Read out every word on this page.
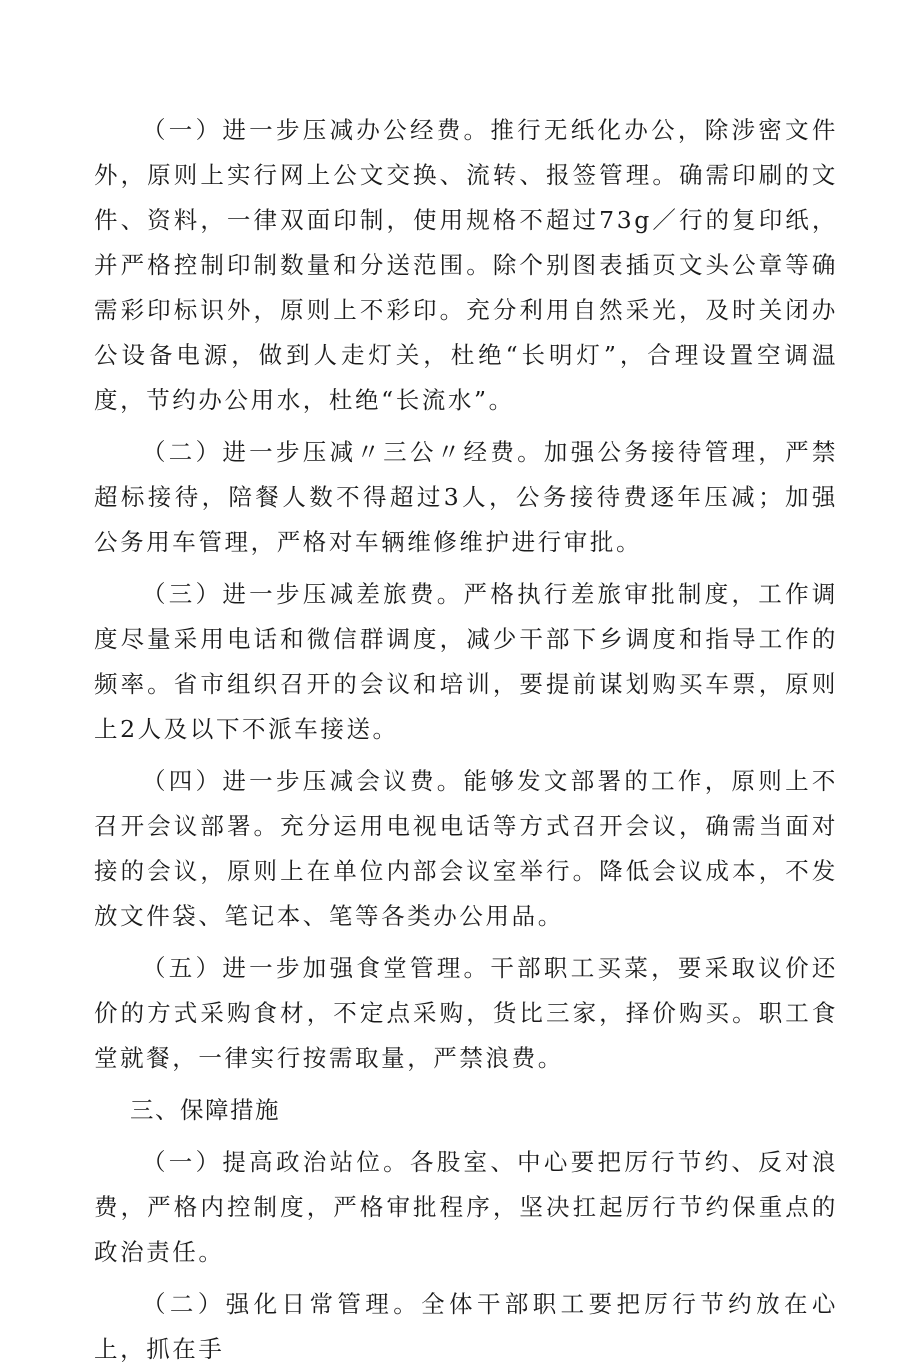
（一）进一步压减办公经费。推行无纸化办公，除涉密文件外，原则上实行网上公文交换、流转、报签管理。确需印刷的文件、资料，一律双面印制，使用规格不超过73g／行的复印纸，并严格控制印制数量和分送范围。除个别图表插页文头公章等确需彩印标识外，原则上不彩印。充分利用自然采光，及时关闭办公设备电源，做到人走灯关，杜绝“长明灯”，合理设置空调温度，节约办公用水，杜绝“长流水”。

（二）进一步压减〃三公〃经费。加强公务接待管理，严禁超标接待，陪餐人数不得超过3人，公务接待费逐年压减；加强公务用车管理，严格对车辆维修维护进行审批。

（三）进一步压减差旅费。严格执行差旅审批制度，工作调度尽量采用电话和微信群调度，减少干部下乡调度和指导工作的频率。省市组织召开的会议和培训，要提前谋划购买车票，原则上2人及以下不派车接送。

（四）进一步压减会议费。能够发文部署的工作，原则上不召开会议部署。充分运用电视电话等方式召开会议，确需当面对接的会议，原则上在单位内部会议室举行。降低会议成本，不发放文件袋、笔记本、笔等各类办公用品。

（五）进一步加强食堂管理。干部职工买菜，要采取议价还价的方式采购食材，不定点采购，货比三家，择价购买。职工食堂就餐，一律实行按需取量，严禁浪费。

三、保障措施

（一）提高政治站位。各股室、中心要把厉行节约、反对浪费，严格内控制度，严格审批程序，坚决扛起厉行节约保重点的政治责任。

（二）强化日常管理。全体干部职工要把厉行节约放在心上，抓在手
